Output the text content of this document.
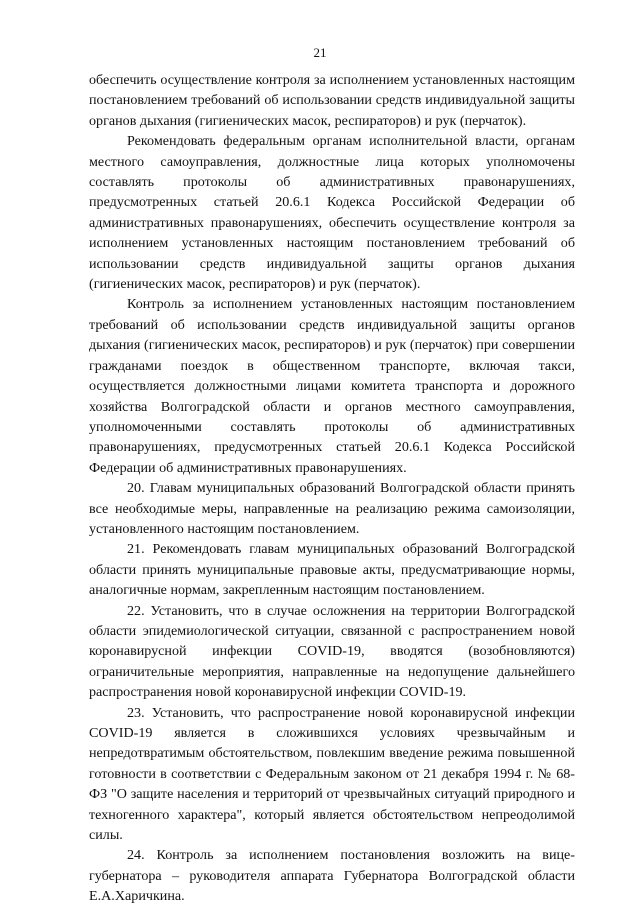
21

обеспечить осуществление контроля за исполнением установленных настоящим постановлением требований об использовании средств индивидуальной защиты органов дыхания (гигиенических масок, респираторов) и рук (перчаток).

Рекомендовать федеральным органам исполнительной власти, органам местного самоуправления, должностные лица которых уполномочены составлять протоколы об административных правонарушениях, предусмотренных статьей 20.6.1 Кодекса Российской Федерации об административных правонарушениях, обеспечить осуществление контроля за исполнением установленных настоящим постановлением требований об использовании средств индивидуальной защиты органов дыхания (гигиенических масок, респираторов) и рук (перчаток).

Контроль за исполнением установленных настоящим постановлением требований об использовании средств индивидуальной защиты органов дыхания (гигиенических масок, респираторов) и рук (перчаток) при совершении гражданами поездок в общественном транспорте, включая такси, осуществляется должностными лицами комитета транспорта и дорожного хозяйства Волгоградской области и органов местного самоуправления, уполномоченными составлять протоколы об административных правонарушениях, предусмотренных статьей 20.6.1 Кодекса Российской Федерации об административных правонарушениях.

20. Главам муниципальных образований Волгоградской области принять все необходимые меры, направленные на реализацию режима самоизоляции, установленного настоящим постановлением.

21. Рекомендовать главам муниципальных образований Волгоградской области принять муниципальные правовые акты, предусматривающие нормы, аналогичные нормам, закрепленным настоящим постановлением.

22. Установить, что в случае осложнения на территории Волгоградской области эпидемиологической ситуации, связанной с распространением новой коронавирусной инфекции COVID-19, вводятся (возобновляются) ограничительные мероприятия, направленные на недопущение дальнейшего распространения новой коронавирусной инфекции COVID-19.

23. Установить, что распространение новой коронавирусной инфекции COVID-19 является в сложившихся условиях чрезвычайным и непредотвратимым обстоятельством, повлекшим введение режима повышенной готовности в соответствии с Федеральным законом от 21 декабря 1994 г. № 68-ФЗ "О защите населения и территорий от чрезвычайных ситуаций природного и техногенного характера", который является обстоятельством непреодолимой силы.

24. Контроль за исполнением постановления возложить на вице-губернатора – руководителя аппарата Губернатора Волгоградской области Е.А.Харичкина.
